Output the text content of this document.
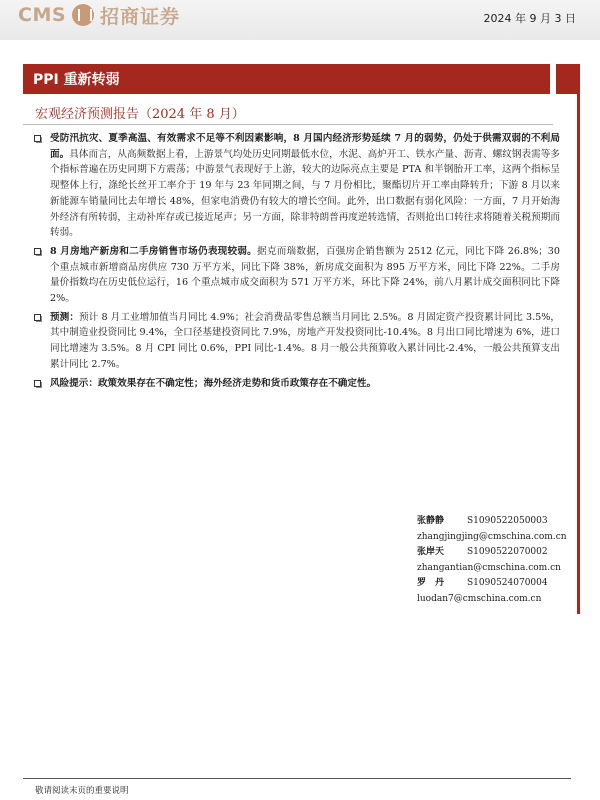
CMS 招商证券	2024 年 9 月 3 日
PPI 重新转弱
宏观经济预测报告（2024 年 8 月）
受防汛抗灾、夏季高温、有效需求不足等不利因素影响，8 月国内经济形势延续 7 月的弱势，仍处于供需双弱的不利局面。具体而言，从高频数据上看，上游景气均处历史同期最低水位，水泥、高炉开工、铁水产量、沥青、螺纹钢表需等多个指标普遍在历史同期下方震荡；中游景气表现好于上游，较大的边际亮点主要是 PTA 和半钢胎开工率，这两个指标呈现整体上行，涤纶长丝开工率介于 19 年与 23 年同期之间，与 7 月份相比，聚酯切片开工率由降转升；下游 8 月以来新能源车销量同比去年增长 48%，但家电消费仍有较大的增长空间。此外，出口数据有弱化风险：一方面，7 月开始海外经济有所转弱，主动补库存或已接近尾声；另一方面，除非特朗普再度逆转选情，否则抢出口转往求将随着关税预期而转弱。
8 月房地产新房和二手房销售市场仍表现较弱。据克而瑞数据，百强房企销售额为 2512 亿元，同比下降 26.8%；30 个重点城市新增商品房供应 730 万平方米，同比下降 38%，新房成交面积为 895 万平方米，同比下降 22%。二手房量价指数均在历史低位运行，16 个重点城市成交面积为 571 万平方米，环比下降 24%，前八月累计成交面积同比下降 2%。
预测：预计 8 月工业增加值当月同比 4.9%；社会消费品零售总额当月同比 2.5%。8 月固定资产投资累计同比 3.5%，其中制造业投资同比 9.4%，全口径基建投资同比 7.9%，房地产开发投资同比-10.4%。8 月出口同比增速为 6%，进口同比增速为 3.5%。8 月 CPI 同比 0.6%，PPI 同比-1.4%。8 月一般公共预算收入累计同比-2.4%，一般公共预算支出累计同比 2.7%。
风险提示：政策效果存在不确定性；海外经济走势和货币政策存在不确定性。
张静静	S1090522050003
zhangjingjing@cmschina.com.cn
张岸天	S1090522070002
zhangantian@cmschina.com.cn
罗　丹	S1090524070004
luodan7@cmschina.com.cn
敬请阅读末页的重要说明
